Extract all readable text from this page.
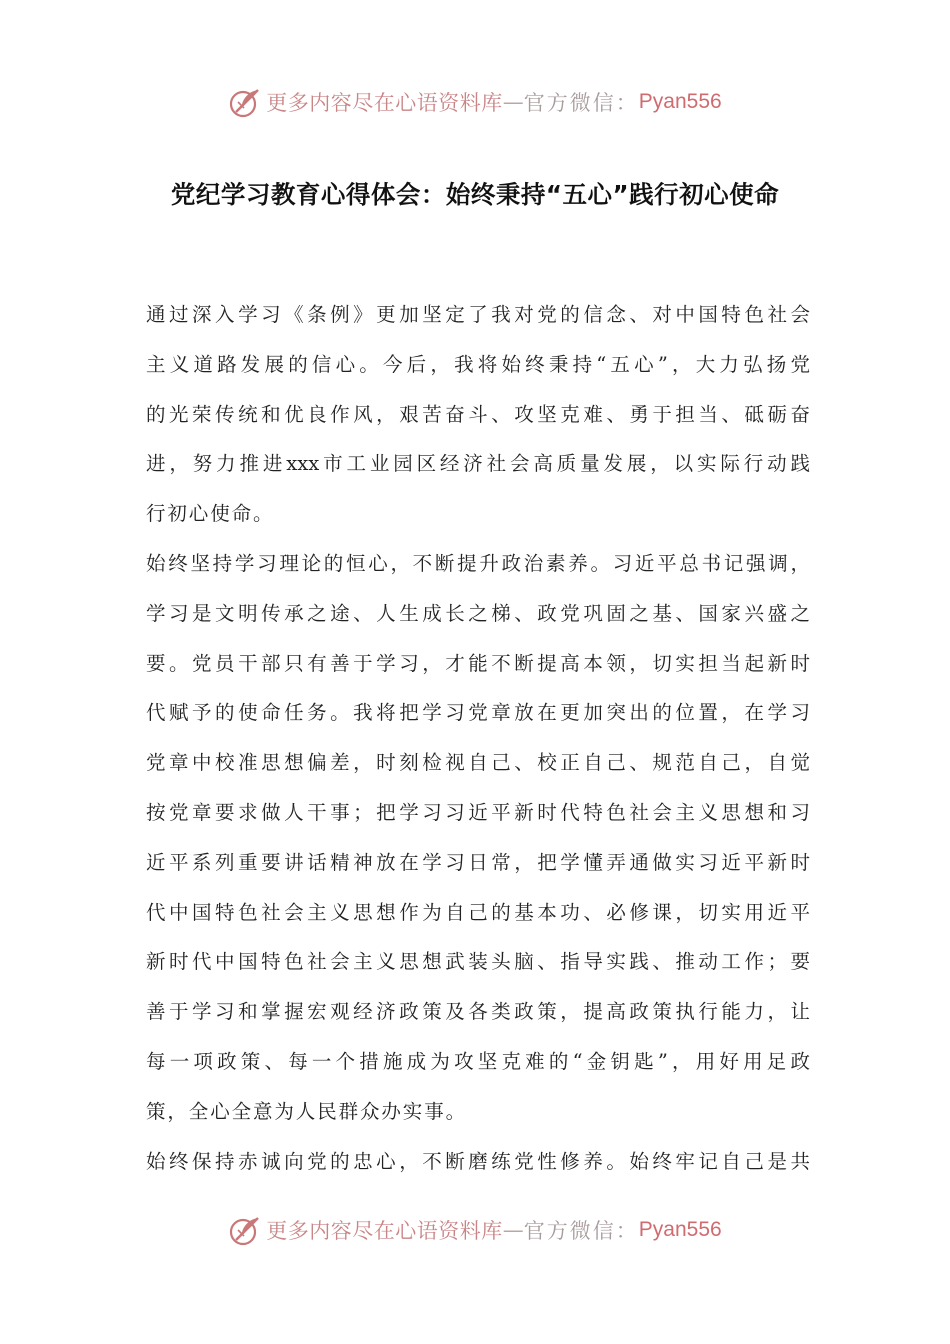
更多内容尽在心语资料库 — 官方微信： Pyan556
党纪学习教育心得体会：始终秉持“五心”践行初心使命
通过深入学习《条例》更加坚定了我对党的信念、对中国特色社会
主义道路发展的信心。今后，我将始终秉持“五心”，大力弘扬党
的光荣传统和优良作风，艰苦奋斗、攻坚克难、勇于担当、砥砺奋
进，努力推进xxx市工业园区经济社会高质量发展，以实际行动践
行初心使命。
始终坚持学习理论的恒心，不断提升政治素养。习近平总书记强调，
学习是文明传承之途、人生成长之梯、政党巩固之基、国家兴盛之
要。党员干部只有善于学习，才能不断提高本领，切实担当起新时
代赋予的使命任务。我将把学习党章放在更加突出的位置，在学习
党章中校准思想偏差，时刻检视自己、校正自己、规范自己，自觉
按党章要求做人干事；把学习习近平新时代特色社会主义思想和习
近平系列重要讲话精神放在学习日常，把学懂弄通做实习近平新时
代中国特色社会主义思想作为自己的基本功、必修课，切实用近平
新时代中国特色社会主义思想武装头脑、指导实践、推动工作；要
善于学习和掌握宏观经济政策及各类政策，提高政策执行能力，让
每一项政策、每一个措施成为攻坚克难的“金钥匙”，用好用足政
策，全心全意为人民群众办实事。
始终保持赤诚向党的忠心，不断磨练党性修养。始终牢记自己是共
更多内容尽在心语资料库 — 官方微信： Pyan556
